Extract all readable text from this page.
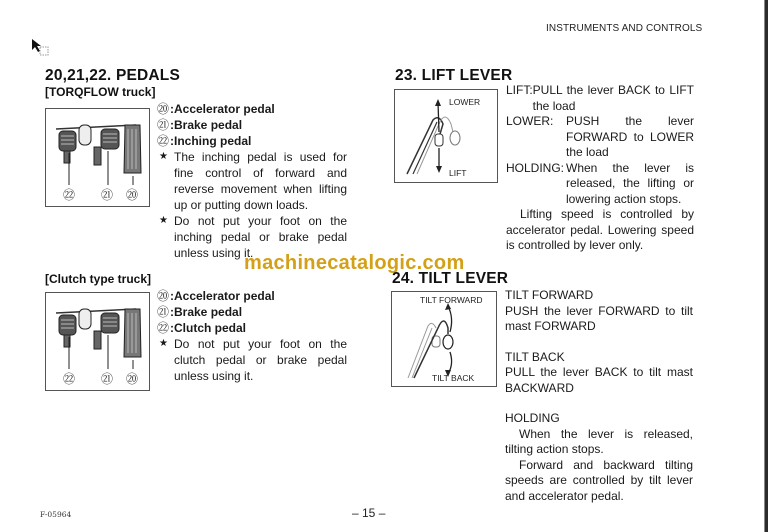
INSTRUMENTS AND CONTROLS
20,21,22. PEDALS
[TORQFLOW truck]
㉒ ㉑ ⑳
⑳ :Accelerator pedal
㉑ :Brake pedal
㉒ :Inching pedal
★ The inching pedal is used for fine control of forward and reverse movement when lifting up or putting down loads.
★ Do not put your foot on the inching pedal or brake pedal unless using it.
[Clutch type truck]
㉒ ㉑ ⑳
⑳ :Accelerator pedal
㉑ :Brake pedal
㉒ :Clutch pedal
★ Do not put your foot on the clutch pedal or brake pedal unless using it.
23. LIFT LEVER
LOWER
LIFT
LIFT: PULL the lever BACK to LIFT the load
LOWER:	PUSH the lever FORWARD to LOWER the load
HOLDING: When the lever is released, the lifting or lowering action stops.
Lifting speed is controlled by accelerator pedal. Lowering speed is controlled by lever only.
machinecatalogic.com
24. TILT LEVER
TILT FORWARD
TILT BACK
TILT FORWARD
PUSH the lever FORWARD to tilt mast FORWARD
TILT BACK
PULL the lever BACK to tilt mast BACKWARD
HOLDING
When the lever is released, tilting action stops.
Forward and backward tilting speeds are controlled by tilt lever and accelerator pedal.
F-05964	– 15 –
